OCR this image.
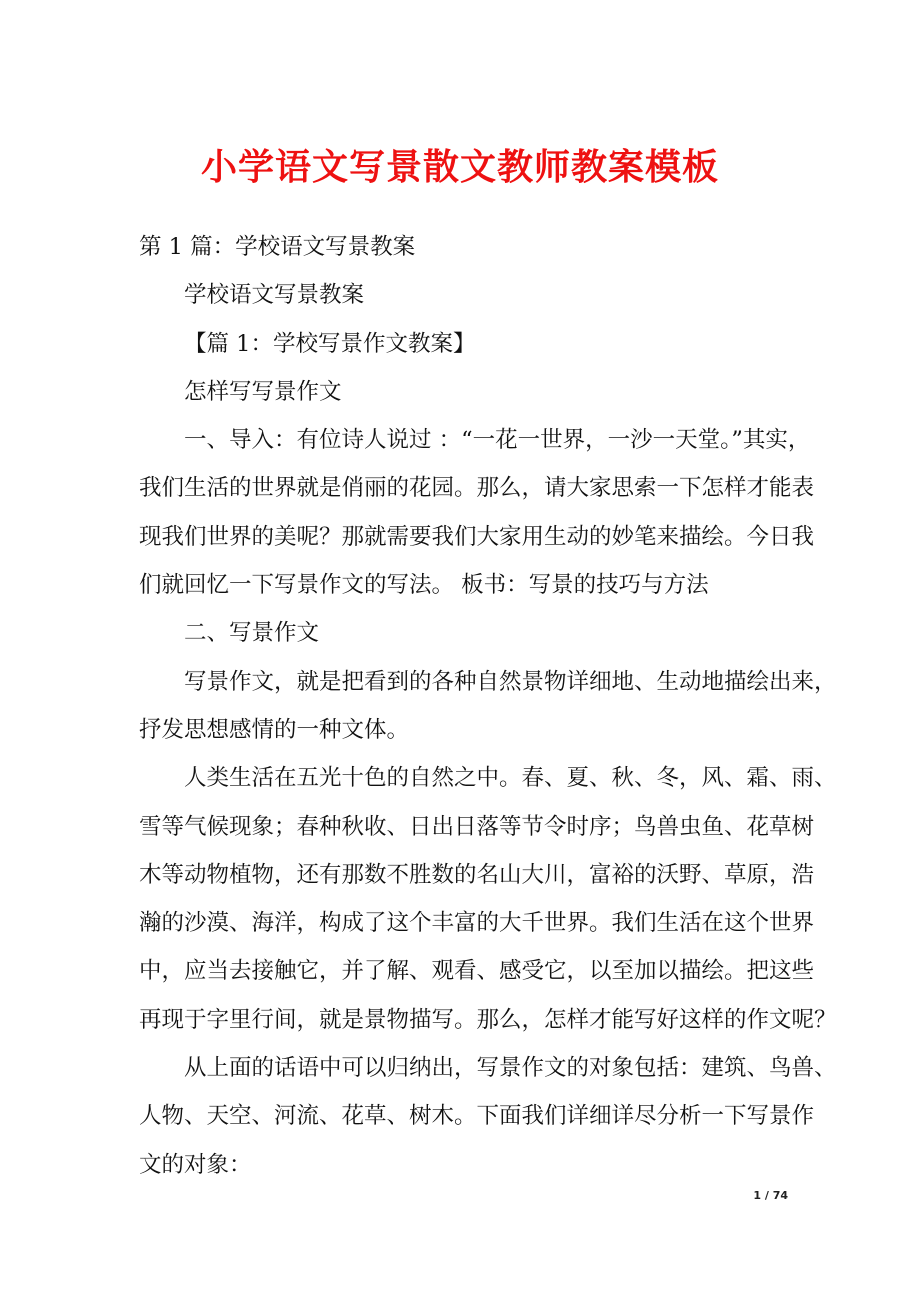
小学语文写景散文教师教案模板

第 1 篇：学校语文写景教案

学校语文写景教案

【篇 1：学校写景作文教案】

怎样写写景作文

一、导入：有位诗人说过 ：“一花一世界，一沙一天堂。”其实，

我们生活的世界就是俏丽的花园。那么，请大家思索一下怎样才能表

现我们世界的美呢？那就需要我们大家用生动的妙笔来描绘。今日我

们就回忆一下写景作文的写法。 板书：写景的技巧与方法

二、写景作文

写景作文，就是把看到的各种自然景物详细地、生动地描绘出来，

抒发思想感情的一种文体。

人类生活在五光十色的自然之中。春、夏、秋、冬，风、霜、雨、

雪等气候现象；春种秋收、日出日落等节令时序；鸟兽虫鱼、花草树

木等动物植物，还有那数不胜数的名山大川，富裕的沃野、草原，浩

瀚的沙漠、海洋，构成了这个丰富的大千世界。我们生活在这个世界

中，应当去接触它，并了解、观看、感受它，以至加以描绘。把这些

再现于字里行间，就是景物描写。那么，怎样才能写好这样的作文呢？

从上面的话语中可以归纳出，写景作文的对象包括：建筑、鸟兽、

人物、天空、河流、花草、树木。下面我们详细详尽分析一下写景作

文的对象：

1 / 74
